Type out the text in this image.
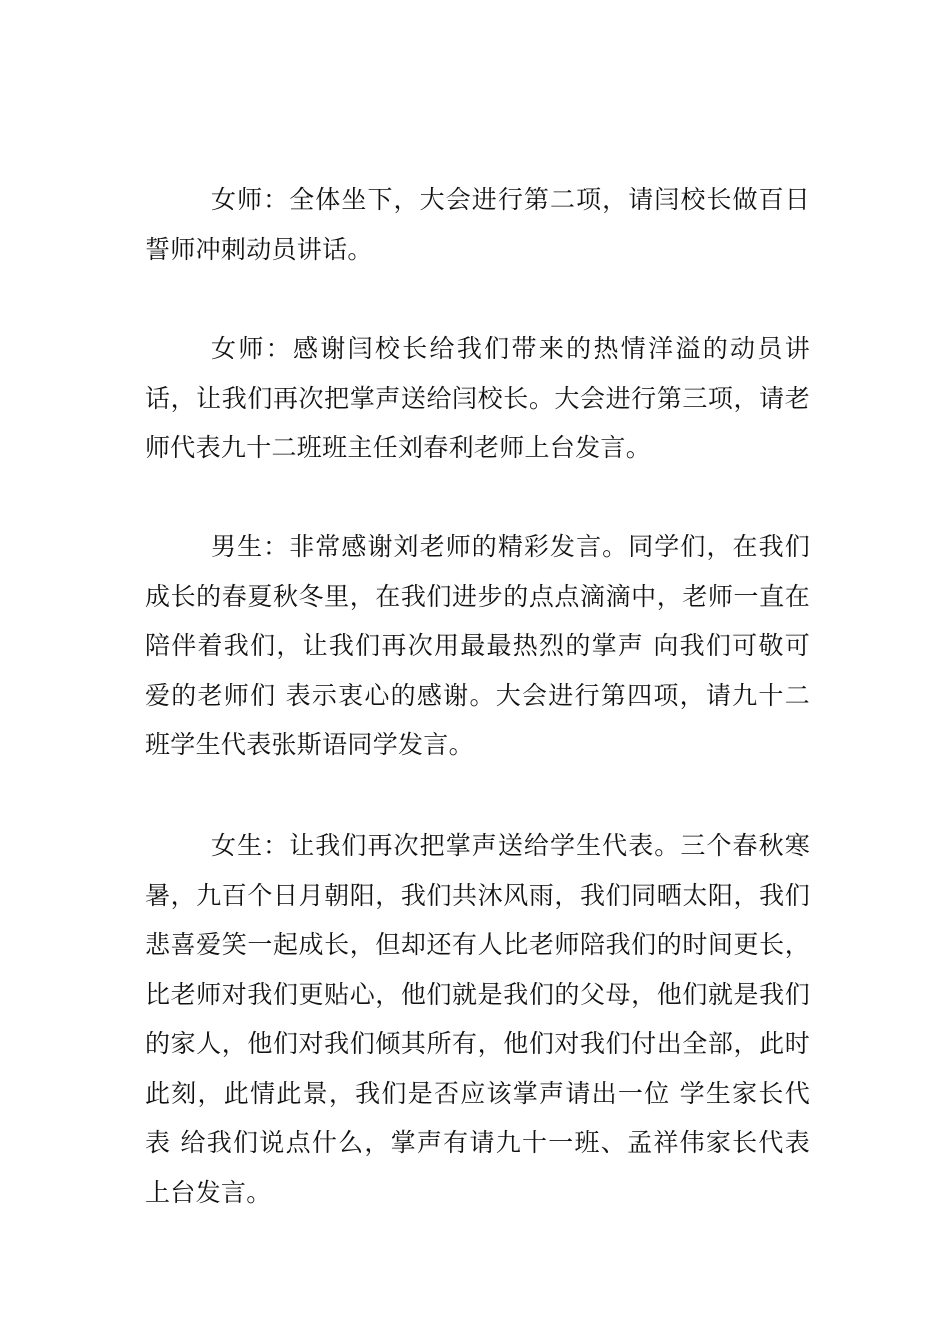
女师：全体坐下，大会进行第二项，请闫校长做百日誓师冲刺动员讲话。

女师：感谢闫校长给我们带来的热情洋溢的动员讲话，让我们再次把掌声送给闫校长。大会进行第三项，请老师代表九十二班班主任刘春利老师上台发言。

男生：非常感谢刘老师的精彩发言。同学们，在我们成长的春夏秋冬里，在我们进步的点点滴滴中，老师一直在陪伴着我们，让我们再次用最最热烈的掌声 向我们可敬可爱的老师们 表示衷心的感谢。大会进行第四项，请九十二班学生代表张斯语同学发言。

女生：让我们再次把掌声送给学生代表。三个春秋寒暑，九百个日月朝阳，我们共沐风雨，我们同晒太阳，我们悲喜爱笑一起成长，但却还有人比老师陪我们的时间更长，比老师对我们更贴心，他们就是我们的父母，他们就是我们的家人，他们对我们倾其所有，他们对我们付出全部，此时此刻，此情此景，我们是否应该掌声请出一位 学生家长代表 给我们说点什么，掌声有请九十一班、孟祥伟家长代表上台发言。
